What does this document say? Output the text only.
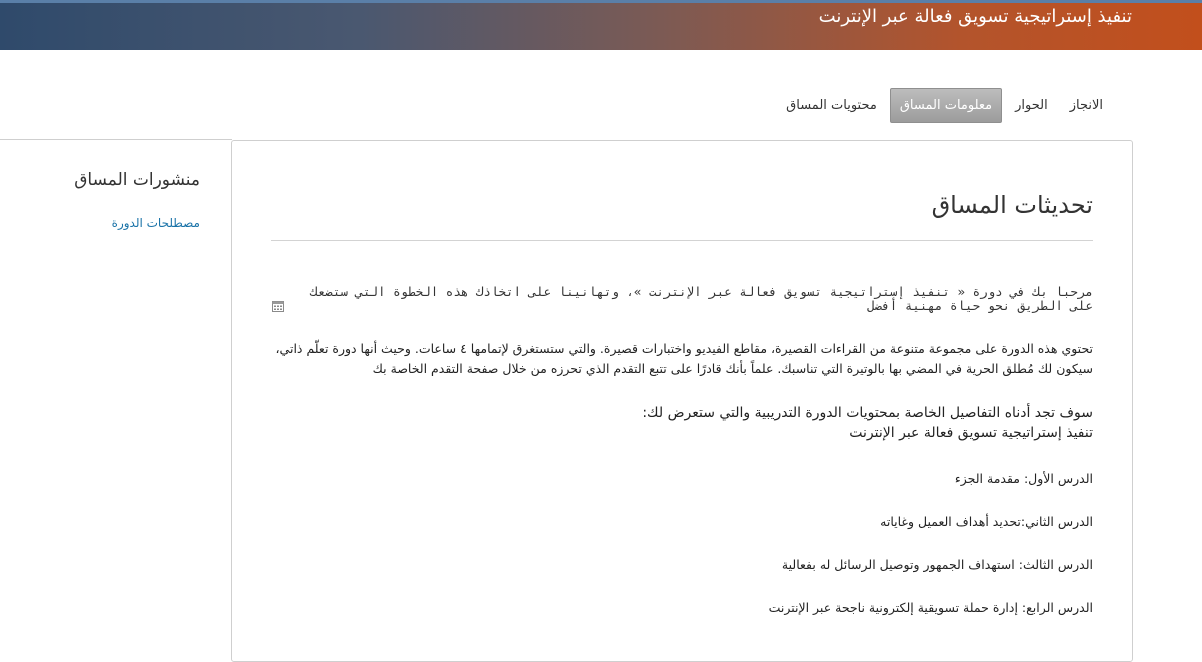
تنفيذ إستراتيجية تسويق فعالة عبر الإنترنت
محتويات المساق	معلومات المساق	الحوار	الانجاز
منشورات المساق
مصطلحات الدورة
تحديثات المساق
مرحبا بك في دورة « تنفيذ إستراتيجية تسويق فعالة عبر الإنترنت »، وتهانينا على اتخاذك هذه الخطوة التي ستضعك على الطريق نحو حياة مهنية أفضل
تحتوي هذه الدورة على مجموعة متنوعة من القراءات القصيرة، مقاطع الفيديو واختبارات قصيرة. والتي ستستغرق لإتمامها ٤ ساعات. وحيث أنها دورة تعلّم ذاتي، سيكون لك مُطلق الحرية في المضي بها بالوتيرة التي تناسبك. علماً بأنك قادرًا على تتبع التقدم الذي تحرزه من خلال صفحة التقدم الخاصة بك
سوف تجد أدناه التفاصيل الخاصة بمحتويات الدورة التدريبية والتي ستعرض لك:
تنفيذ إستراتيجية تسويق فعالة عبر الإنترنت
الدرس الأول: مقدمة الجزء
الدرس الثاني:تحديد أهداف العميل وغاياته
الدرس الثالث: استهداف الجمهور وتوصيل الرسائل له بفعالية
الدرس الرابع: إدارة حملة تسويقية إلكترونية ناجحة عبر الإنترنت
